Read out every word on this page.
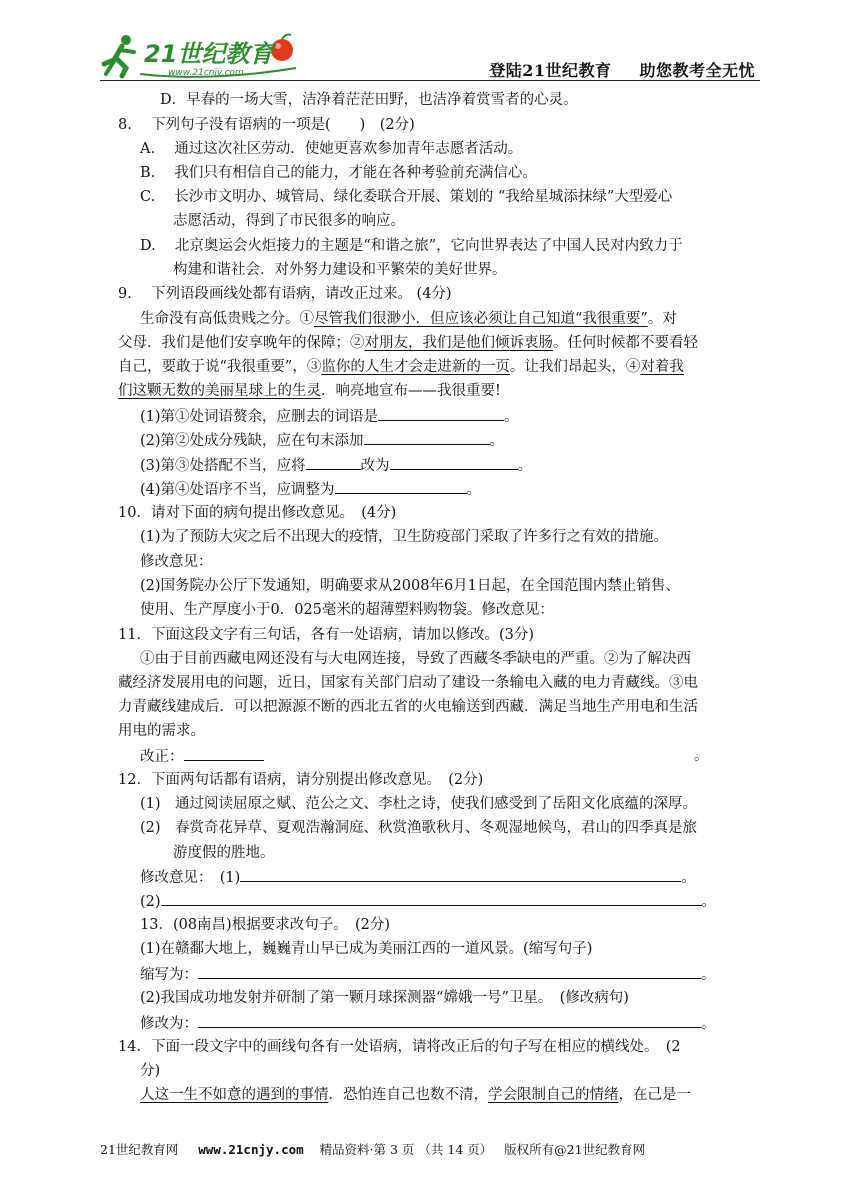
21世纪教育
www.21cnjy.com	登陆21世纪教育 助您教考全无忧
D．早春的一场大雪，洁净着茫茫田野，也洁净着赏雪者的心灵。
8.　 下列句子没有语病的一项是(　　)　(2分)
A.　 通过这次社区劳动．使她更喜欢参加青年志愿者活动。
B.　 我们只有相信自己的能力，才能在各种考验前充满信心。
C.　 长沙市文明办、城管局、绿化委联合开展、策划的 “我给星城添抹绿”大型爱心
志愿活动，得到了市民很多的响应。
D.　 北京奥运会火炬接力的主题是“和谐之旅”，它向世界表达了中国人民对内致力于
构建和谐社会．对外努力建设和平繁荣的美好世界。
9.　 下列语段画线处都有语病，请改正过来。 (4分)
生命没有高低贵贱之分。①尽管我们很渺小．但应该必须让自己知道“我很重要”。对
父母．我们是他们安享晚年的保障；②对朋友，我们是他们倾诉衷肠。任何时候都不要看轻
自己，要敢于说“我很重要”，③监你的人生才会走进新的一页。让我们昂起头，④对着我
们这颗无数的美丽星球上的生灵．响亮地宣布——我很重要!
(1)第①处词语赘余，应删去的词语是	。
(2)第②处成分残缺，应在句末添加	。
(3)第③处搭配不当，应将	改为	。
(4)第④处语序不当，应调整为	。
10．请对下面的病句提出修改意见。　(4分)
(1)为了预防大灾之后不出现大的疫情，卫生防疫部门采取了许多行之有效的措施。
修改意见：
(2)国务院办公厅下发通知，明确要求从2008年6月1日起，在全国范围内禁止销售、
使用、生产厚度小于0．025毫米的超薄塑料购物袋。修改意见：
11．下面这段文字有三句话，各有一处语病，请加以修改。(3分)
①由于目前西藏电网还没有与大电网连接，导致了西藏冬季缺电的严重。②为了解决西
藏经济发展用电的问题，近日，国家有关部门启动了建设一条输电入藏的电力青藏线。③电
力青藏线建成后．可以把源源不断的西北五省的火电输送到西藏．满足当地生产用电和生活
用电的需求。
改正：	。
12．下面两句话都有语病，请分别提出修改意见。　(2分)
(1)　通过阅读屈原之赋、范公之文、李杜之诗，使我们感受到了岳阳文化底蕴的深厚。
(2)　春赏奇花异草、夏观浩瀚洞庭、秋赏渔歌秋月、冬观湿地候鸟，君山的四季真是旅
游度假的胜地。
修改意见：　(1)	。
(2)	。
13．(08南昌)根据要求改句子。　(2分)
(1)在赣鄱大地上，巍巍青山早已成为美丽江西的一道风景。(缩写句子)
缩写为：	。
(2)我国成功地发射并研制了第一颗月球探测器“嫦娥一号”卫星。　(修改病句)
修改为：	。
14．下面一段文字中的画线句各有一处语病，请将改正后的句子写在相应的横线处。　(2
分)
人这一生不如意的遇到的事情．恐怕连自己也数不清，学会限制自己的情绪，在己是一
21世纪教育网 www.21cnjy.com 精品资料·第 3 页 （共 14 页） 版权所有@21世纪教育网
